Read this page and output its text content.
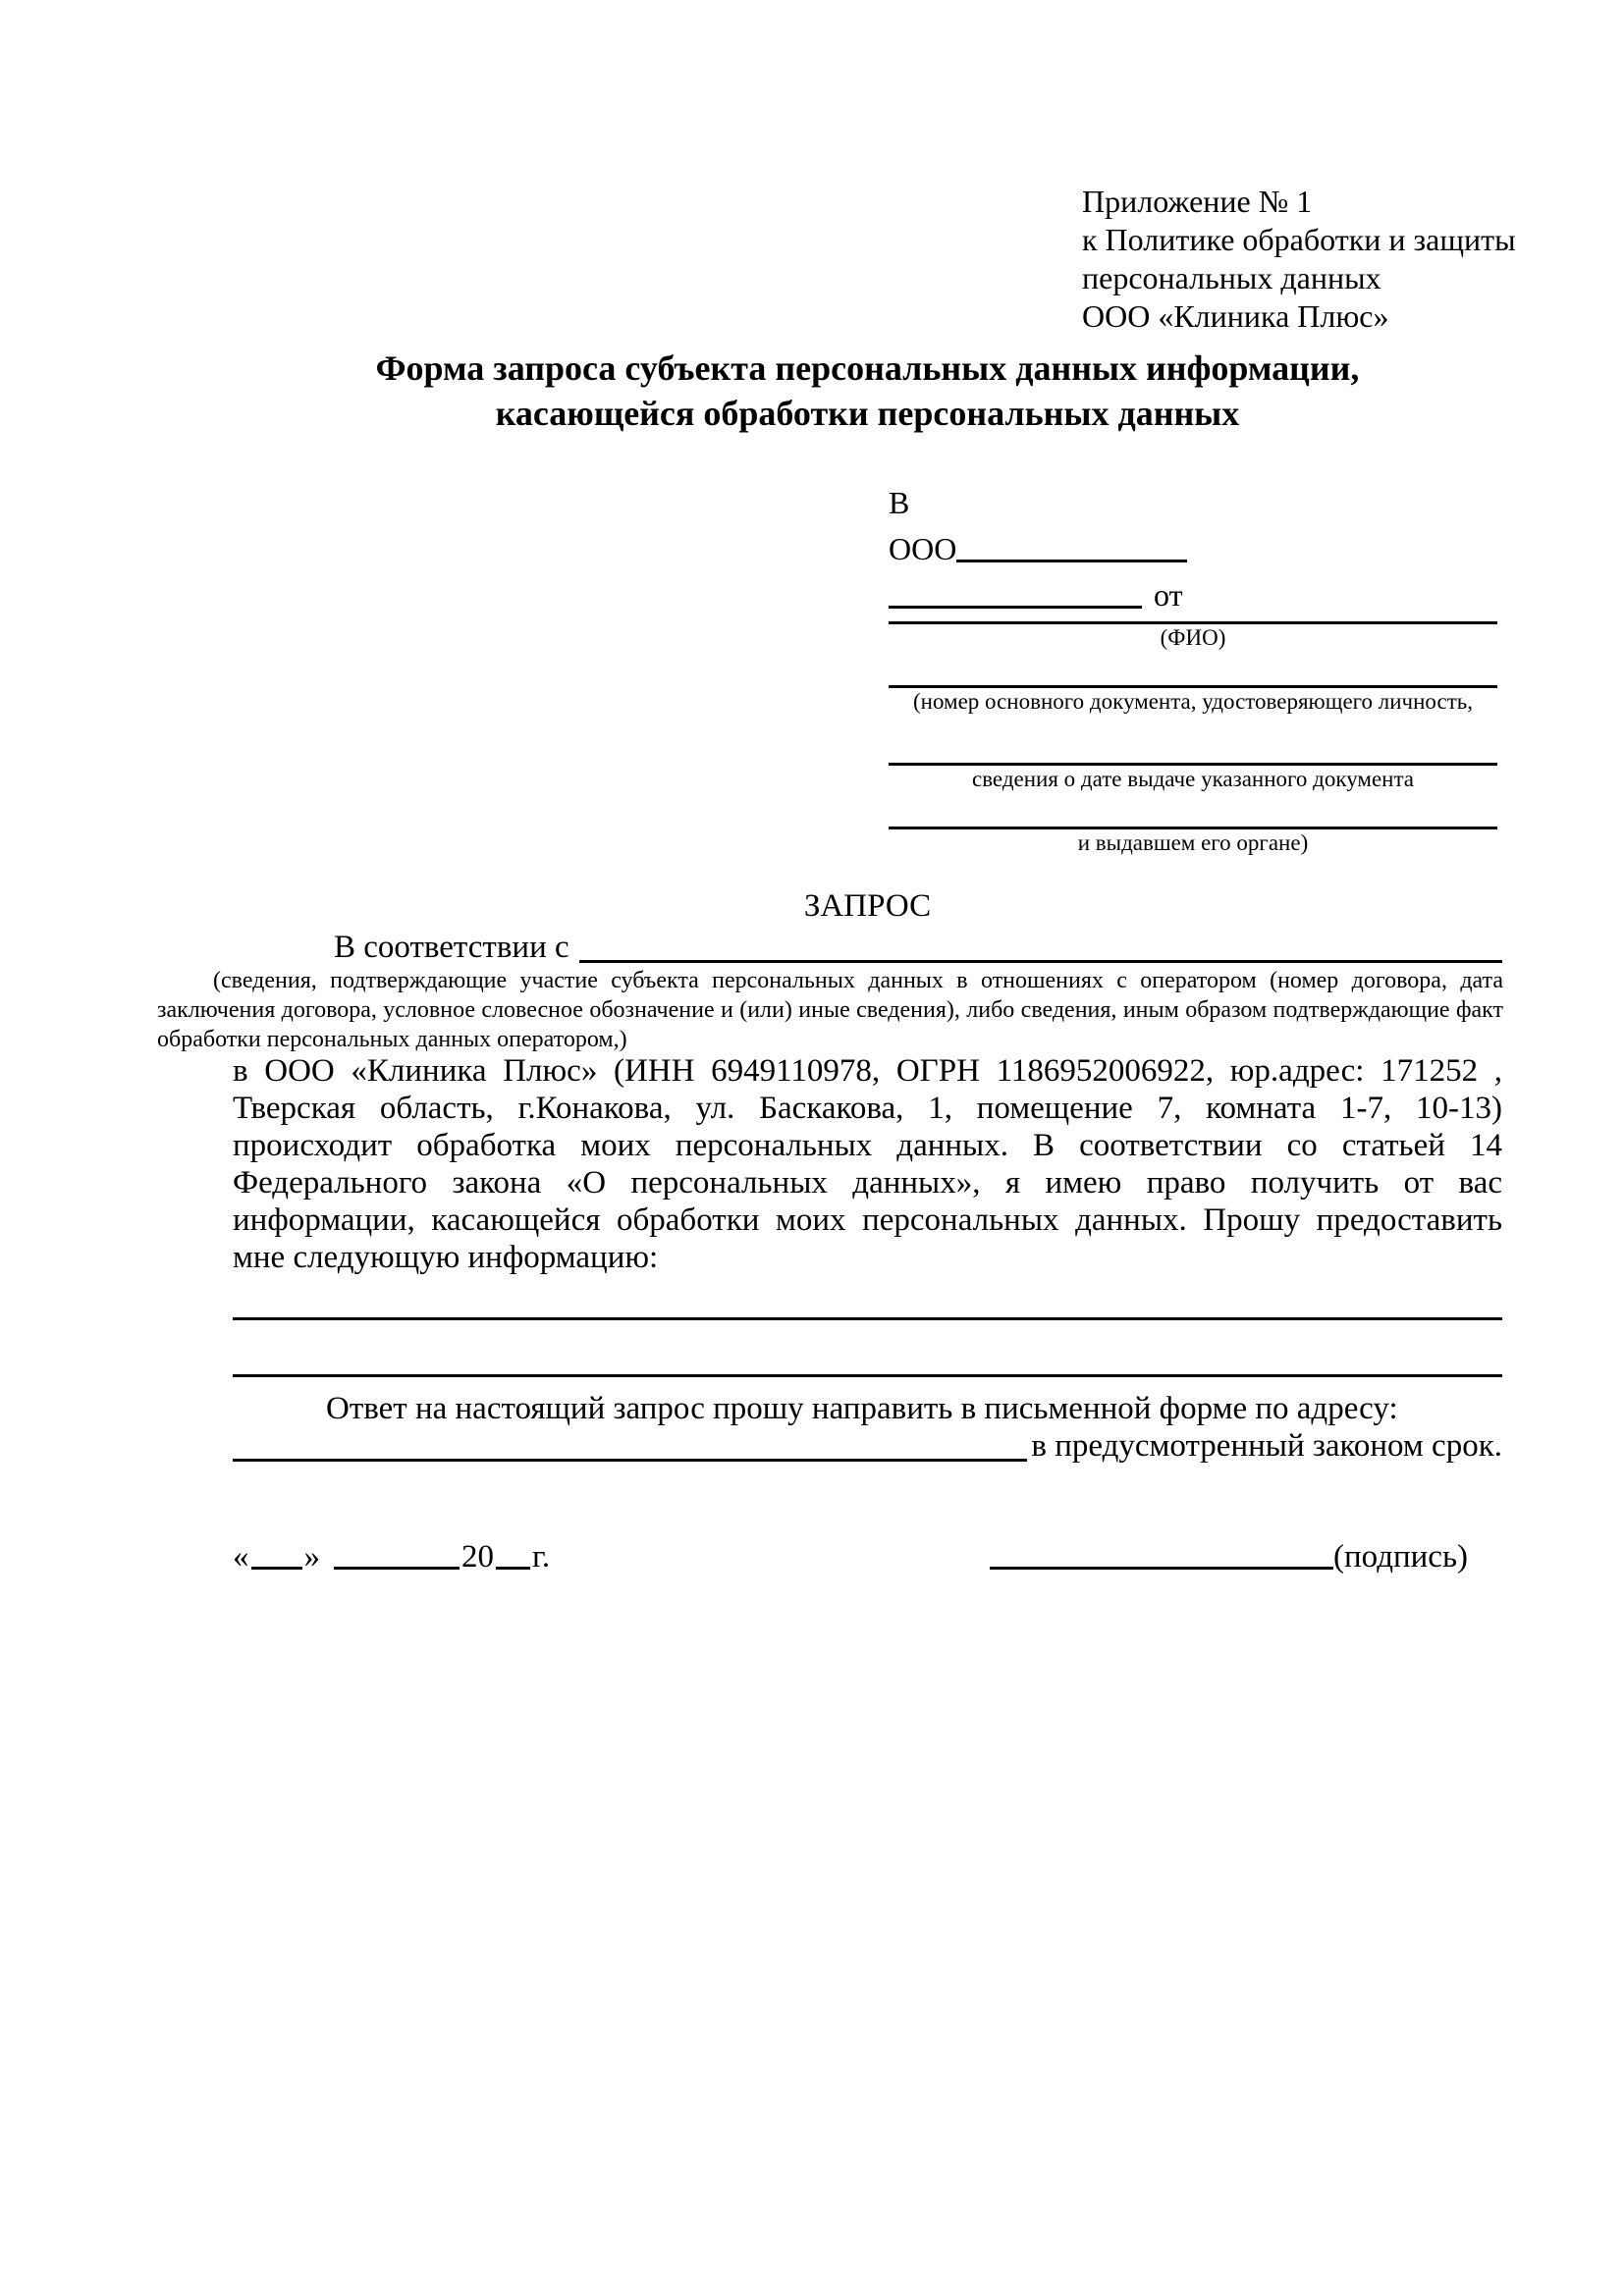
Приложение № 1
к Политике обработки и защиты
персональных данных
ООО «Клиника Плюс»
Форма запроса субъекта персональных данных информации,
касающейся обработки персональных данных
В
ООО
от
(ФИО)
(номер основного документа, удостоверяющего личность,
сведения о дате выдаче указанного документа
и выдавшем его органе)
ЗАПРОС
В соответствии с
(сведения, подтверждающие участие субъекта персональных данных в отношениях с оператором (номер договора, дата заключения договора, условное словесное обозначение и (или) иные сведения), либо сведения, иным образом подтверждающие факт обработки персональных данных оператором,)
в ООО «Клиника Плюс» (ИНН 6949110978, ОГРН 1186952006922, юр.адрес: 171252 , Тверская область, г.Конакова, ул. Баскакова, 1, помещение 7, комната 1-7, 10-13) происходит обработка моих персональных данных. В соответствии со статьей 14 Федерального закона «О персональных данных», я имею право получить от вас информации, касающейся обработки моих персональных данных. Прошу предоставить мне следующую информацию:
Ответ на настоящий запрос прошу направить в письменной форме по адресу:
в предусмотренный законом срок.
« »	20 г.	(подпись)
